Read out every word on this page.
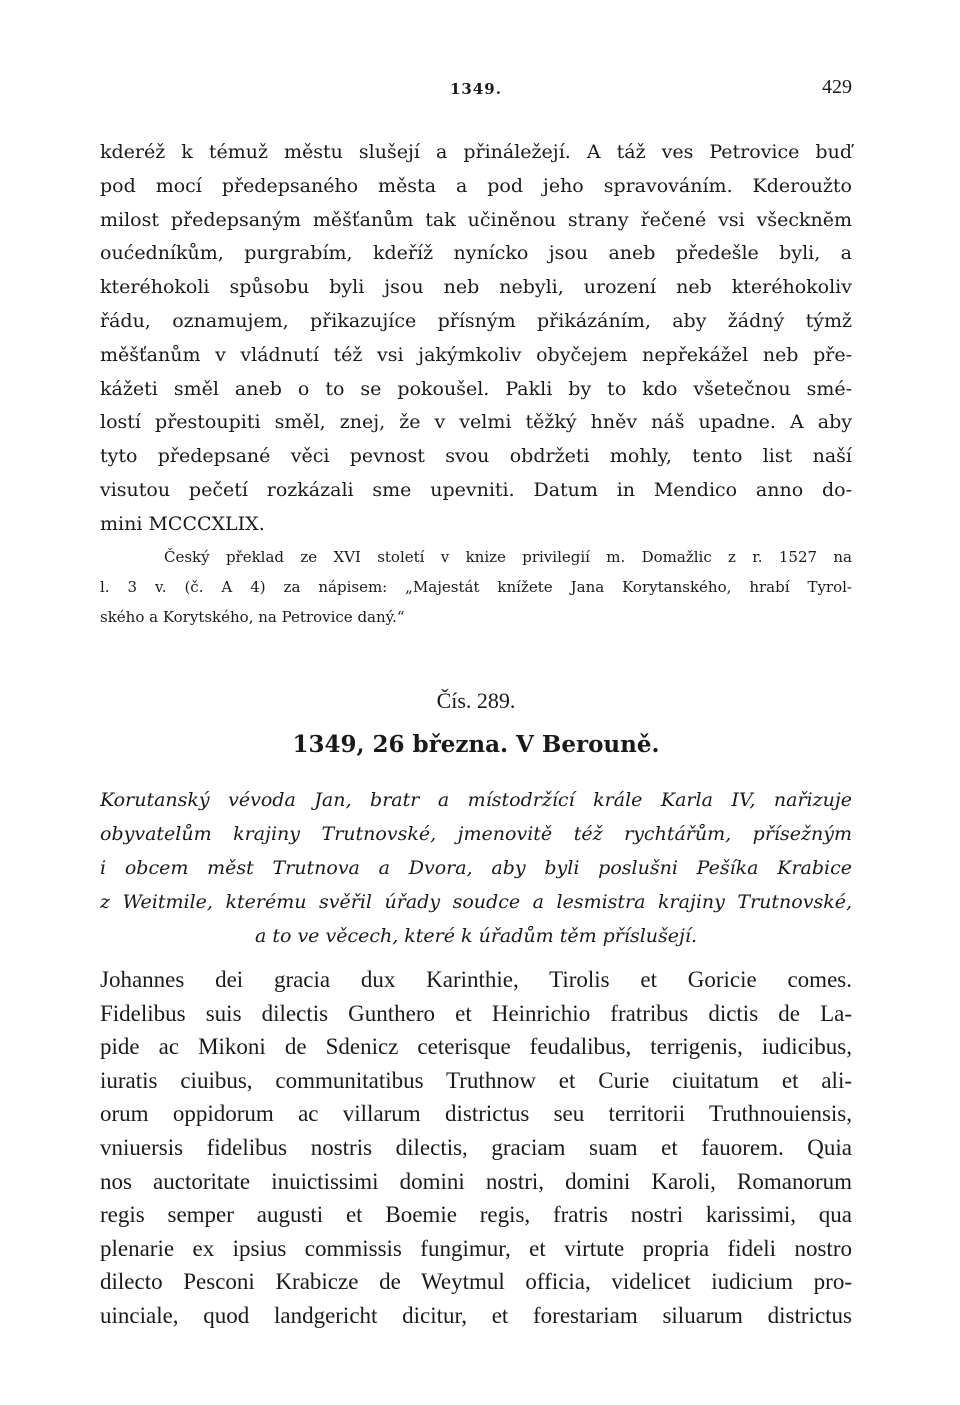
1349.	429
kderéž k témuž městu slušejí a přináležejí. A táž ves Petrovice buď
pod mocí předepsaného města a pod jeho spravováním. Kderoužto
milost předepsaným měšťanům tak učiněnou strany řečené vsi všecknĕm
oućedníkům, purgrabím, kdeříž nynícko jsou aneb předešle byli, a
kteréhokoli spůsobu byli jsou neb nebyli, urození neb kteréhokoliv
řádu, oznamujem, přikazujíce přísným přikázáním, aby žádný týmž
měšťanům v vládnutí též vsi jakýmkoliv obyčejem nepřekážel neb pře-
kážeti směl aneb o to se pokoušel. Pakli by to kdo všetečnou smé-
lostí přestoupiti směl, znej, že v velmi těžký hněv náš upadne. A aby
tyto předepsané věci pevnost svou obdržeti mohly, tento list naší
visutou pečetí rozkázali sme upevniti. Datum in Mendico anno do-
mini MCCCXLIX.
Český překlad ze XVI století v knize privilegií m. Domažlic z r. 1527 na
l. 3 v. (č. A 4) za nápisem: „Majestát knížete Jana Korytanského, hrabí Tyrol-
ského a Korytského, na Petrovice daný.“
Čís. 289.
1349, 26 března. V Berouně.
Korutanský vévoda Jan, bratr a místodržící krále Karla IV, nařizuje
obyvatelům krajiny Trutnovské, jmenovitě též rychtářům, přísežným
i obcem měst Trutnova a Dvora, aby byli poslušni Pešíka Krabice
z Weitmile, kterému svěřil úřady soudce a lesmistra krajiny Trutnovské,
a to ve věcech, které k úřadům těm příslušejí.
Johannes dei gracia dux Karinthie, Tirolis et Goricie comes.
Fidelibus suis dilectis Gunthero et Heinrichio fratribus dictis de La-
pide ac Mikoni de Sdenicz ceterisque feudalibus, terrigenis, iudicibus,
iuratis ciuibus, communitatibus Truthnow et Curie ciuitatum et ali-
orum oppidorum ac villarum districtus seu territorii Truthnouiensis,
vniuersis fidelibus nostris dilectis, graciam suam et fauorem. Quia
nos auctoritate inuictissimi domini nostri, domini Karoli, Romanorum
regis semper augusti et Boemie regis, fratris nostri karissimi, qua
plenarie ex ipsius commissis fungimur, et virtute propria fideli nostro
dilecto Pesconi Krabicze de Weytmul officia, videlicet iudicium pro-
uinciale, quod landgericht dicitur, et forestariam siluarum districtus
